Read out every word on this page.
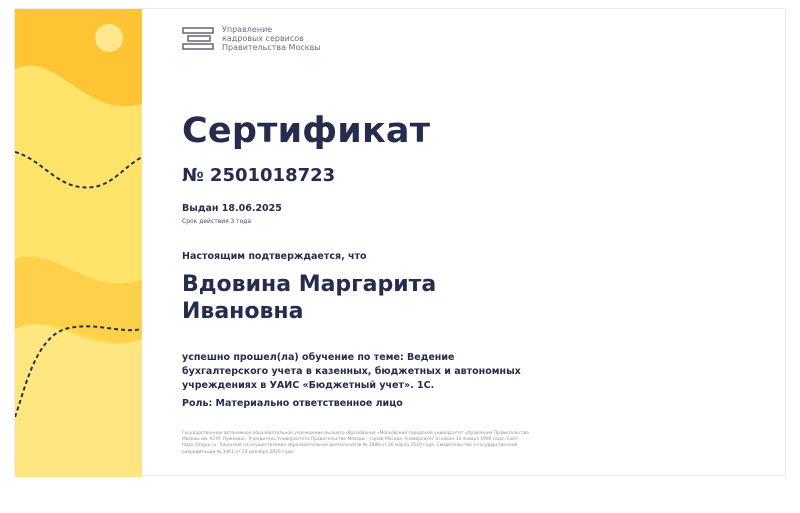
Управление
кадровых сервисов
Правительства Москвы
Сертификат
№ 2501018723
Выдан 18.06.2025
Срок действия 3 года
Настоящим подтверждается, что
Вдовина Маргарита
Ивановна
успешно прошел(ла) обучение по теме: Ведение бухгалтерского учета в казенных, бюджетных и автономных учреждениях в УАИС «Бюджетный учет». 1С.
Роль: Материально ответственное лицо
Государственное автономное образовательное учреждение высшего образования «Московский городской университет управления Правительства Москвы им. Ю.М. Лужкова». Учредитель Университета Правительство Москвы – город Москва. Университет основан 16 января 1996 года. Сайт: https://mguu.ru. Лицензия на осуществление образовательной деятельности № 2886 от 26 марта 2020 года. Свидетельство о государственной аккредитации № 3461 от 23 декабря 2020 года.
